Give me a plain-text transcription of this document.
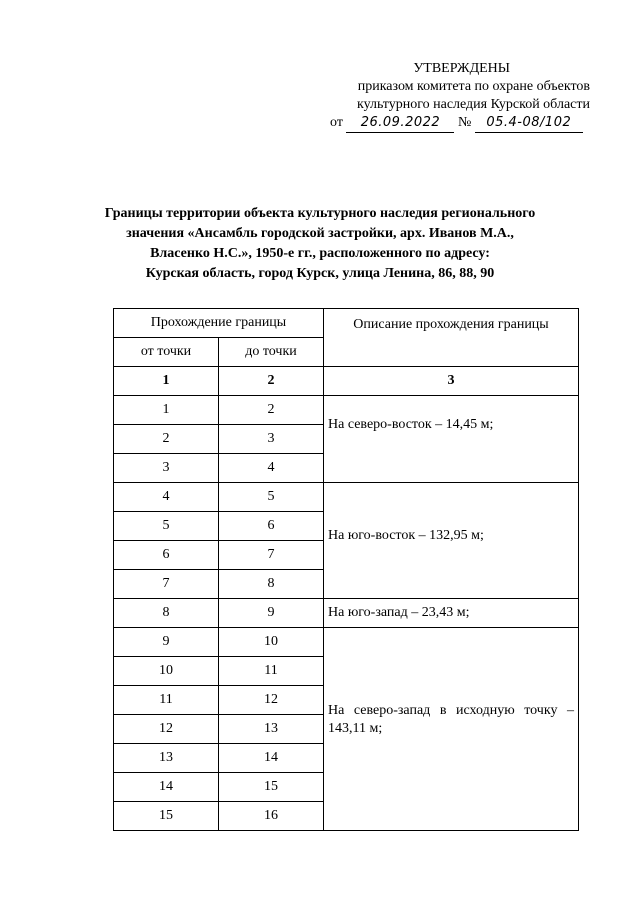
УТВЕРЖДЕНЫ
приказом комитета по охране объектов
культурного наследия Курской области
от 26.09.2022 № 05.4-08/102
Границы территории объекта культурного наследия регионального
значения «Ансамбль городской застройки, арх. Иванов М.А.,
Власенко Н.С.», 1950-е гг., расположенного по адресу:
Курская область, город Курск, улица Ленина, 86, 88, 90
Прохождение границы		Описание прохождения границы
от точки	до точки	
1	2	3
1	2	На северо-восток – 14,45 м;
2	3	
3	4	
4	5	На юго-восток – 132,95 м;
5	6	
6	7	
7	8	
8	9	На юго-запад – 23,43 м;
9	10	На северо-запад в исходную точку – 143,11 м;
10	11	
11	12	
12	13	
13	14	
14	15	
15	16	
